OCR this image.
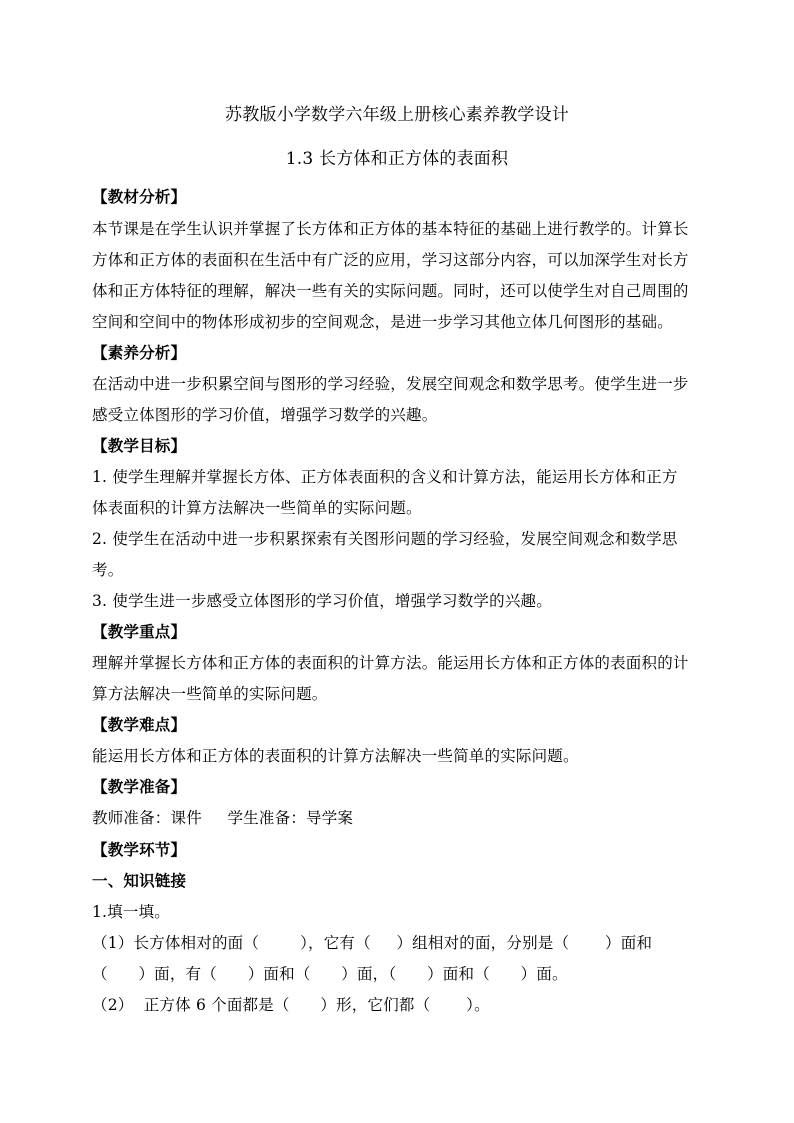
苏教版小学数学六年级上册核心素养教学设计
1.3 长方体和正方体的表面积
【教材分析】
本节课是在学生认识并掌握了长方体和正方体的基本特征的基础上进行教学的。计算长
方体和正方体的表面积在生活中有广泛的应用，学习这部分内容，可以加深学生对长方
体和正方体特征的理解，解决一些有关的实际问题。同时，还可以使学生对自己周围的
空间和空间中的物体形成初步的空间观念，是进一步学习其他立体几何图形的基础。
【素养分析】
在活动中进一步积累空间与图形的学习经验，发展空间观念和数学思考。使学生进一步
感受立体图形的学习价值，增强学习数学的兴趣。
【教学目标】
1. 使学生理解并掌握长方体、正方体表面积的含义和计算方法，能运用长方体和正方
体表面积的计算方法解决一些简单的实际问题。
2. 使学生在活动中进一步积累探索有关图形问题的学习经验，发展空间观念和数学思
考。
3. 使学生进一步感受立体图形的学习价值，增强学习数学的兴趣。
【教学重点】
理解并掌握长方体和正方体的表面积的计算方法。能运用长方体和正方体的表面积的计
算方法解决一些简单的实际问题。
【教学难点】
能运用长方体和正方体的表面积的计算方法解决一些简单的实际问题。
【教学准备】
教师准备：课件     学生准备：导学案
【教学环节】
一、知识链接
1.填一填。
（1）长方体相对的面（        ），它有（     ）组相对的面，分别是（       ）面和
（      ）面，有（      ）面和（      ）面，（      ）面和（      ）面。
（2）  正方体 6 个面都是（      ）形，它们都（       ）。
